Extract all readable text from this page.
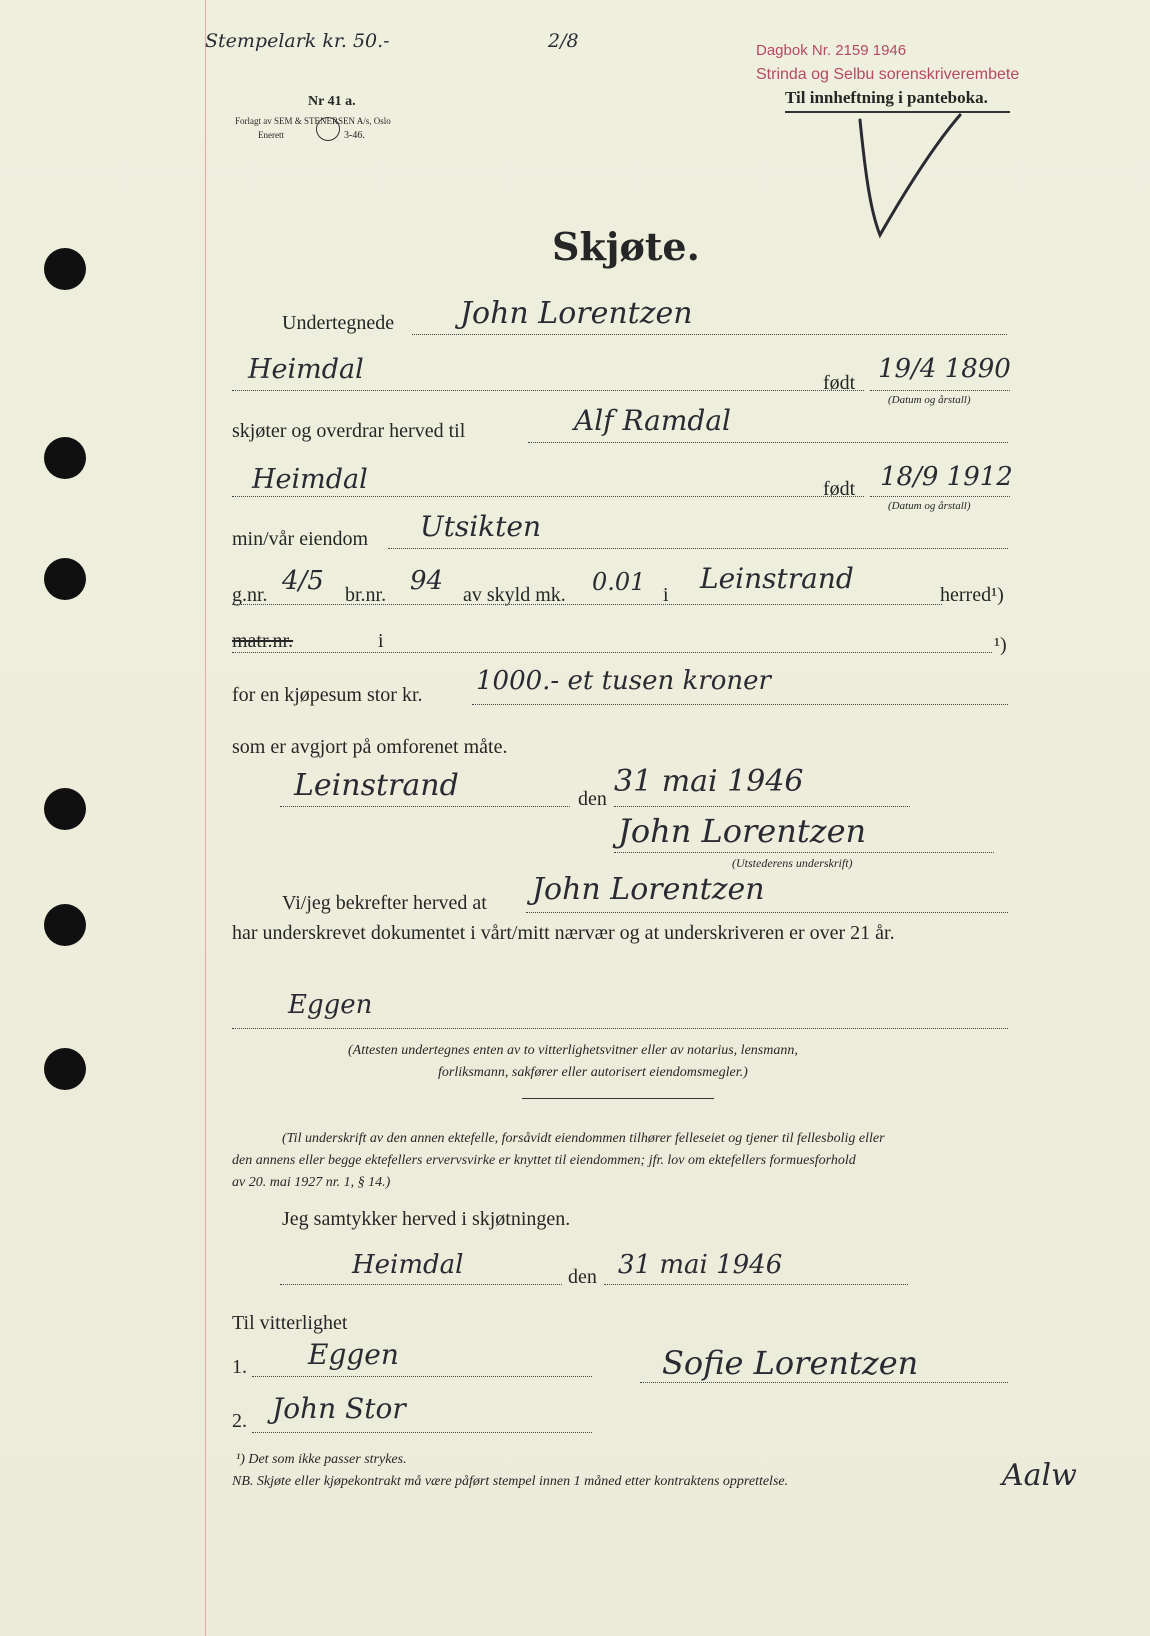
Stempelark kr. 50.-	2/8	Dagbok Nr. 2159 1946
Strinda og Selbu sorenskriverembete
Til innheftning i panteboka.
Nr 41 a.
Forlagt av SEM & STENERSEN A/s, Oslo
Enerett	3-46.
Skjøte.
Undertegnede John Lorentzen
Heimdal	født 19/4 1890
(Datum og årstall)
skjøter og overdrar herved til	Alf Ramdal
Heimdal	født 18/9 1912
(Datum og årstall)
min/vår eiendom Utsikten
g.nr. 4/5 br.nr. 94 av skyld mk. 0.01 i Leinstrand	herred¹)
matr.nr.	i	¹)
for en kjøpesum stor kr. 1000.- et tusen kroner
som er avgjort på omforenet måte.
Leinstrand	den 31 mai 1946
John Lorentzen
(Utstederens underskrift)
Vi/jeg bekrefter herved at John Lorentzen
har underskrevet dokumentet i vårt/mitt nærvær og at underskriveren er over 21 år.
Eggen
(Attesten undertegnes enten av to vitterlighetsvitner eller av notarius, lensmann,
forliksmann, sakfører eller autorisert eiendomsmegler.)
(Til underskrift av den annen ektefelle, forsåvidt eiendommen tilhører felleseiet og tjener til fellesbolig eller
den annens eller begge ektefellers ervervsvirke er knyttet til eiendommen; jfr. lov om ektefellers formuesforhold
av 20. mai 1927 nr. 1, § 14.)
Jeg samtykker herved i skjøtningen.
Heimdal	den 31 mai 1946
Til vitterlighet
1. Eggen	Sofie Lorentzen
2. John Stor
¹) Det som ikke passer strykes.
NB. Skjøte eller kjøpekontrakt må være påført stempel innen 1 måned etter kontraktens opprettelse.	Aalw
